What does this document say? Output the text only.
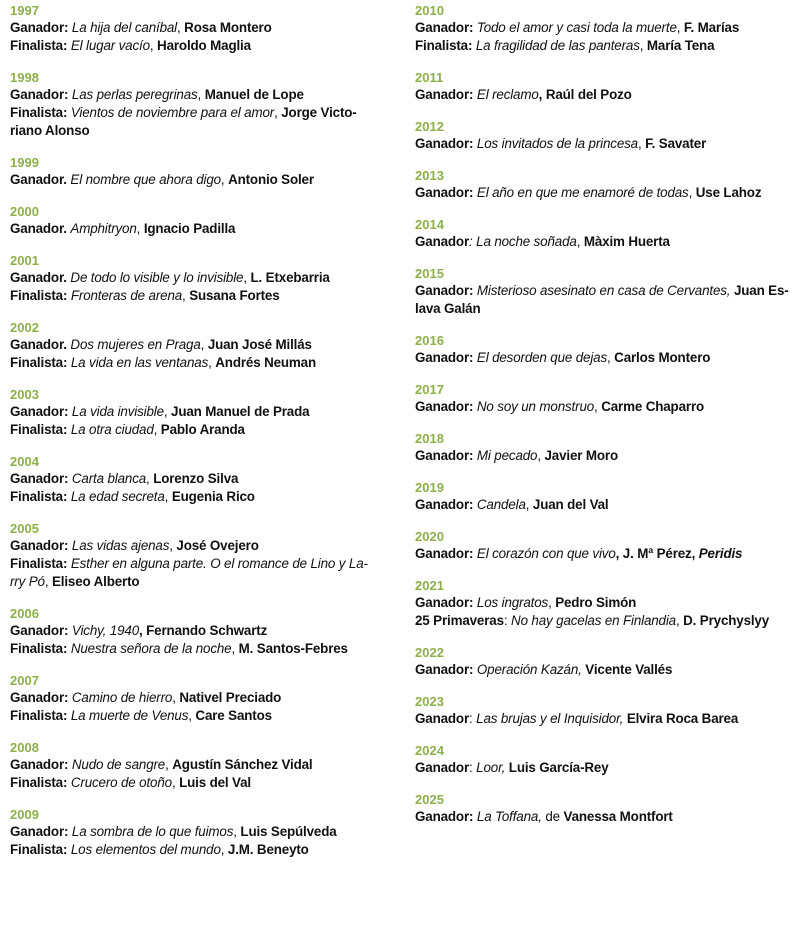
1997
Ganador: La hija del caníbal, Rosa Montero
Finalista: El lugar vacío, Haroldo Maglia
1998
Ganador: Las perlas peregrinas, Manuel de Lope
Finalista: Vientos de noviembre para el amor, Jorge Victo-
riano Alonso
1999
Ganador. El nombre que ahora digo, Antonio Soler
2000
Ganador. Amphitryon, Ignacio Padilla
2001
Ganador. De todo lo visible y lo invisible, L. Etxebarria
Finalista: Fronteras de arena, Susana Fortes
2002
Ganador. Dos mujeres en Praga, Juan José Millás
Finalista: La vida en las ventanas, Andrés Neuman
2003
Ganador: La vida invisible, Juan Manuel de Prada
Finalista: La otra ciudad, Pablo Aranda
2004
Ganador: Carta blanca, Lorenzo Silva
Finalista: La edad secreta, Eugenia Rico
2005
Ganador: Las vidas ajenas, José Ovejero
Finalista: Esther en alguna parte. O el romance de Lino y La-
rry Pó, Eliseo Alberto
2006
Ganador: Vichy, 1940, Fernando Schwartz
Finalista: Nuestra señora de la noche, M. Santos-Febres
2007
Ganador: Camino de hierro, Nativel Preciado
Finalista: La muerte de Venus, Care Santos
2008
Ganador: Nudo de sangre, Agustín Sánchez Vidal
Finalista: Crucero de otoño, Luis del Val
2009
Ganador: La sombra de lo que fuimos, Luis Sepúlveda
Finalista: Los elementos del mundo, J.M. Beneyto
2010
Ganador: Todo el amor y casi toda la muerte, F. Marías
Finalista: La fragilidad de las panteras, María Tena
2011
Ganador: El reclamo, Raúl del Pozo
2012
Ganador: Los invitados de la princesa, F. Savater
2013
Ganador: El año en que me enamoré de todas, Use Lahoz
2014
Ganador: La noche soñada, Màxim Huerta
2015
Ganador: Misterioso asesinato en casa de Cervantes, Juan Es-
lava Galán
2016
Ganador: El desorden que dejas, Carlos Montero
2017
Ganador: No soy un monstruo, Carme Chaparro
2018
Ganador: Mi pecado, Javier Moro
2019
Ganador: Candela, Juan del Val
2020
Ganador: El corazón con que vivo, J. Mª Pérez, Peridis
2021
Ganador: Los ingratos, Pedro Simón
25 Primaveras: No hay gacelas en Finlandia, D. Prychyslyy
2022
Ganador: Operación Kazán, Vicente Vallés
2023
Ganador: Las brujas y el Inquisidor, Elvira Roca Barea
2024
Ganador: Loor, Luis García-Rey
2025
Ganador: La Toffana, de Vanessa Montfort
